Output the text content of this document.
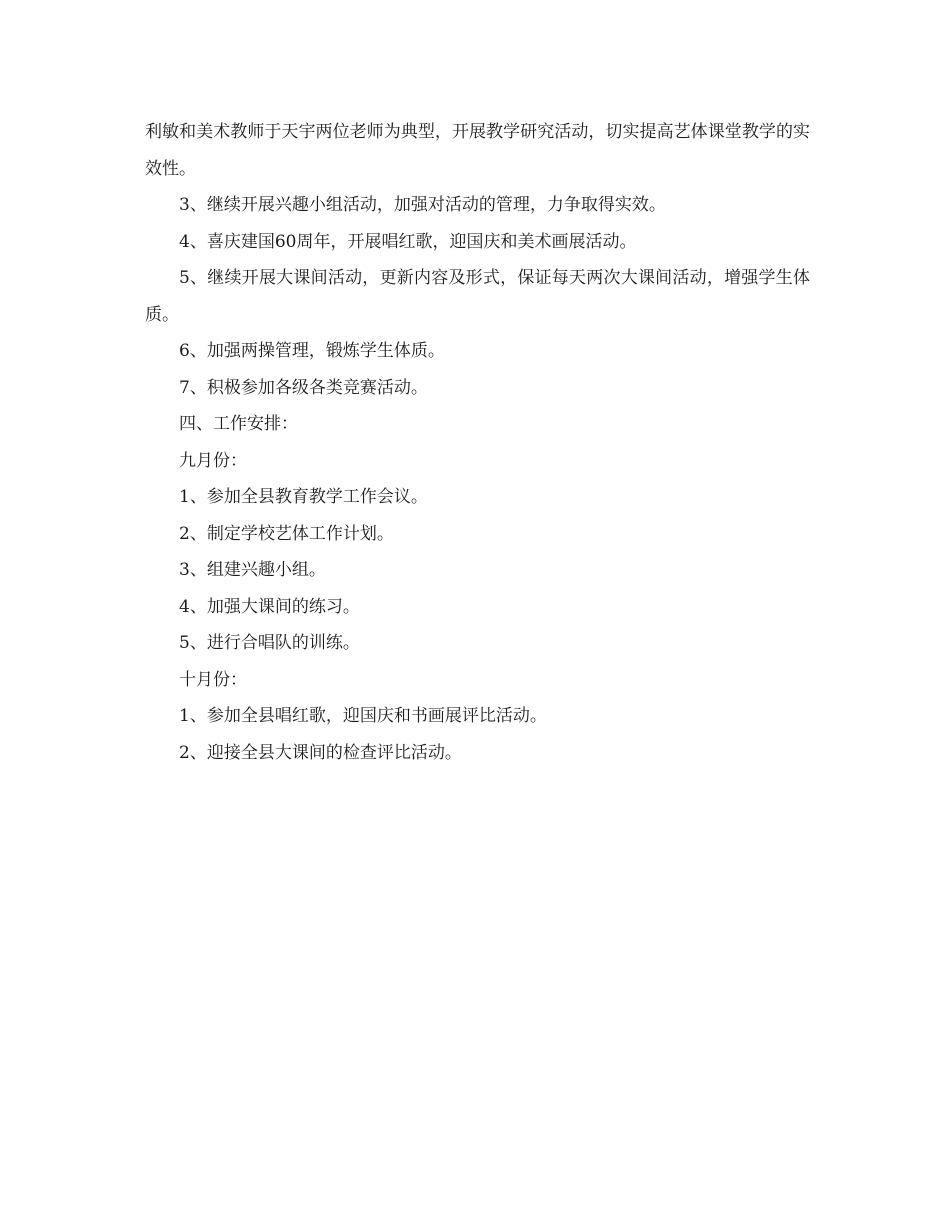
利敏和美术教师于天宇两位老师为典型，开展教学研究活动，切实提高艺体课堂教学的实效性。

3、继续开展兴趣小组活动，加强对活动的管理，力争取得实效。

4、喜庆建国60周年，开展唱红歌，迎国庆和美术画展活动。

5、继续开展大课间活动，更新内容及形式，保证每天两次大课间活动，增强学生体质。

6、加强两操管理，锻炼学生体质。

7、积极参加各级各类竞赛活动。

四、工作安排：

九月份：

1、参加全县教育教学工作会议。

2、制定学校艺体工作计划。

3、组建兴趣小组。

4、加强大课间的练习。

5、进行合唱队的训练。

十月份：

1、参加全县唱红歌，迎国庆和书画展评比活动。

2、迎接全县大课间的检查评比活动。
